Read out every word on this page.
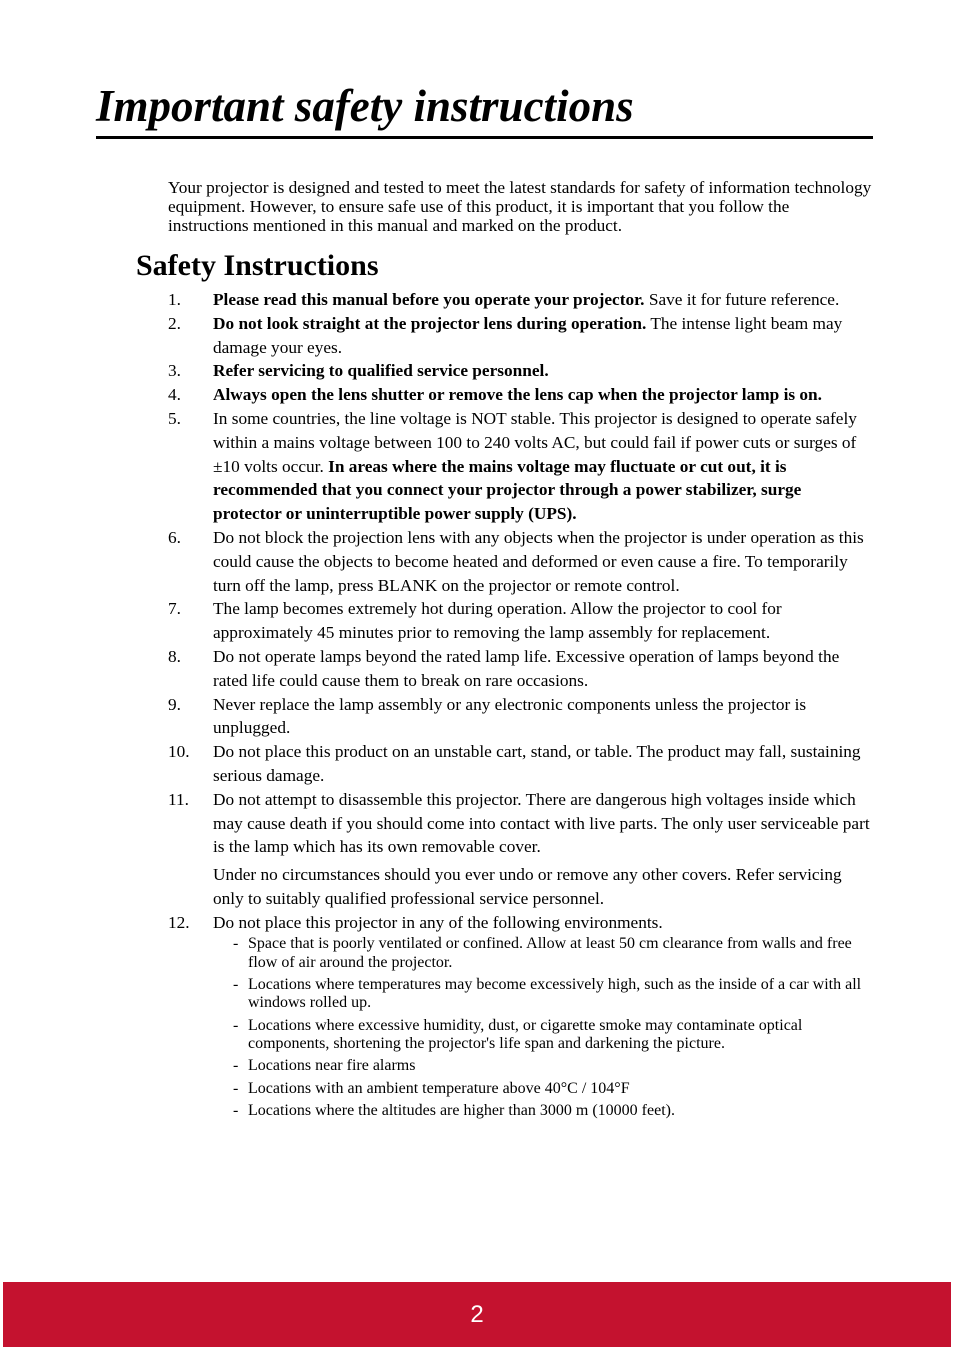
Important safety instructions

Your projector is designed and tested to meet the latest standards for safety of information technology equipment. However, to ensure safe use of this product, it is important that you follow the instructions mentioned in this manual and marked on the product.

Safety Instructions
1. Please read this manual before you operate your projector. Save it for future reference.

2. Do not look straight at the projector lens during operation. The intense light beam may damage your eyes.

3. Refer servicing to qualified service personnel.

4. Always open the lens shutter or remove the lens cap when the projector lamp is on.

5. In some countries, the line voltage is NOT stable. This projector is designed to operate safely within a mains voltage between 100 to 240 volts AC, but could fail if power cuts or surges of ±10 volts occur. In areas where the mains voltage may fluctuate or cut out, it is recommended that you connect your projector through a power stabilizer, surge protector or uninterruptible power supply (UPS).

6. Do not block the projection lens with any objects when the projector is under operation as this could cause the objects to become heated and deformed or even cause a fire. To temporarily turn off the lamp, press BLANK on the projector or remote control.

7. The lamp becomes extremely hot during operation. Allow the projector to cool for approximately 45 minutes prior to removing the lamp assembly for replacement.

8. Do not operate lamps beyond the rated lamp life. Excessive operation of lamps beyond the rated life could cause them to break on rare occasions.

9. Never replace the lamp assembly or any electronic components unless the projector is unplugged.

10. Do not place this product on an unstable cart, stand, or table. The product may fall, sustaining serious damage.

11. Do not attempt to disassemble this projector. There are dangerous high voltages inside which may cause death if you should come into contact with live parts. The only user serviceable part is the lamp which has its own removable cover.

Under no circumstances should you ever undo or remove any other covers. Refer servicing only to suitably qualified professional service personnel.

12. Do not place this projector in any of the following environments.

- Space that is poorly ventilated or confined. Allow at least 50 cm clearance from walls and free flow of air around the projector.
- Locations where temperatures may become excessively high, such as the inside of a car with all windows rolled up.
- Locations where excessive humidity, dust, or cigarette smoke may contaminate optical components, shortening the projector's life span and darkening the picture.
- Locations near fire alarms
- Locations with an ambient temperature above 40°C / 104°F
- Locations where the altitudes are higher than 3000 m (10000 feet).
2
